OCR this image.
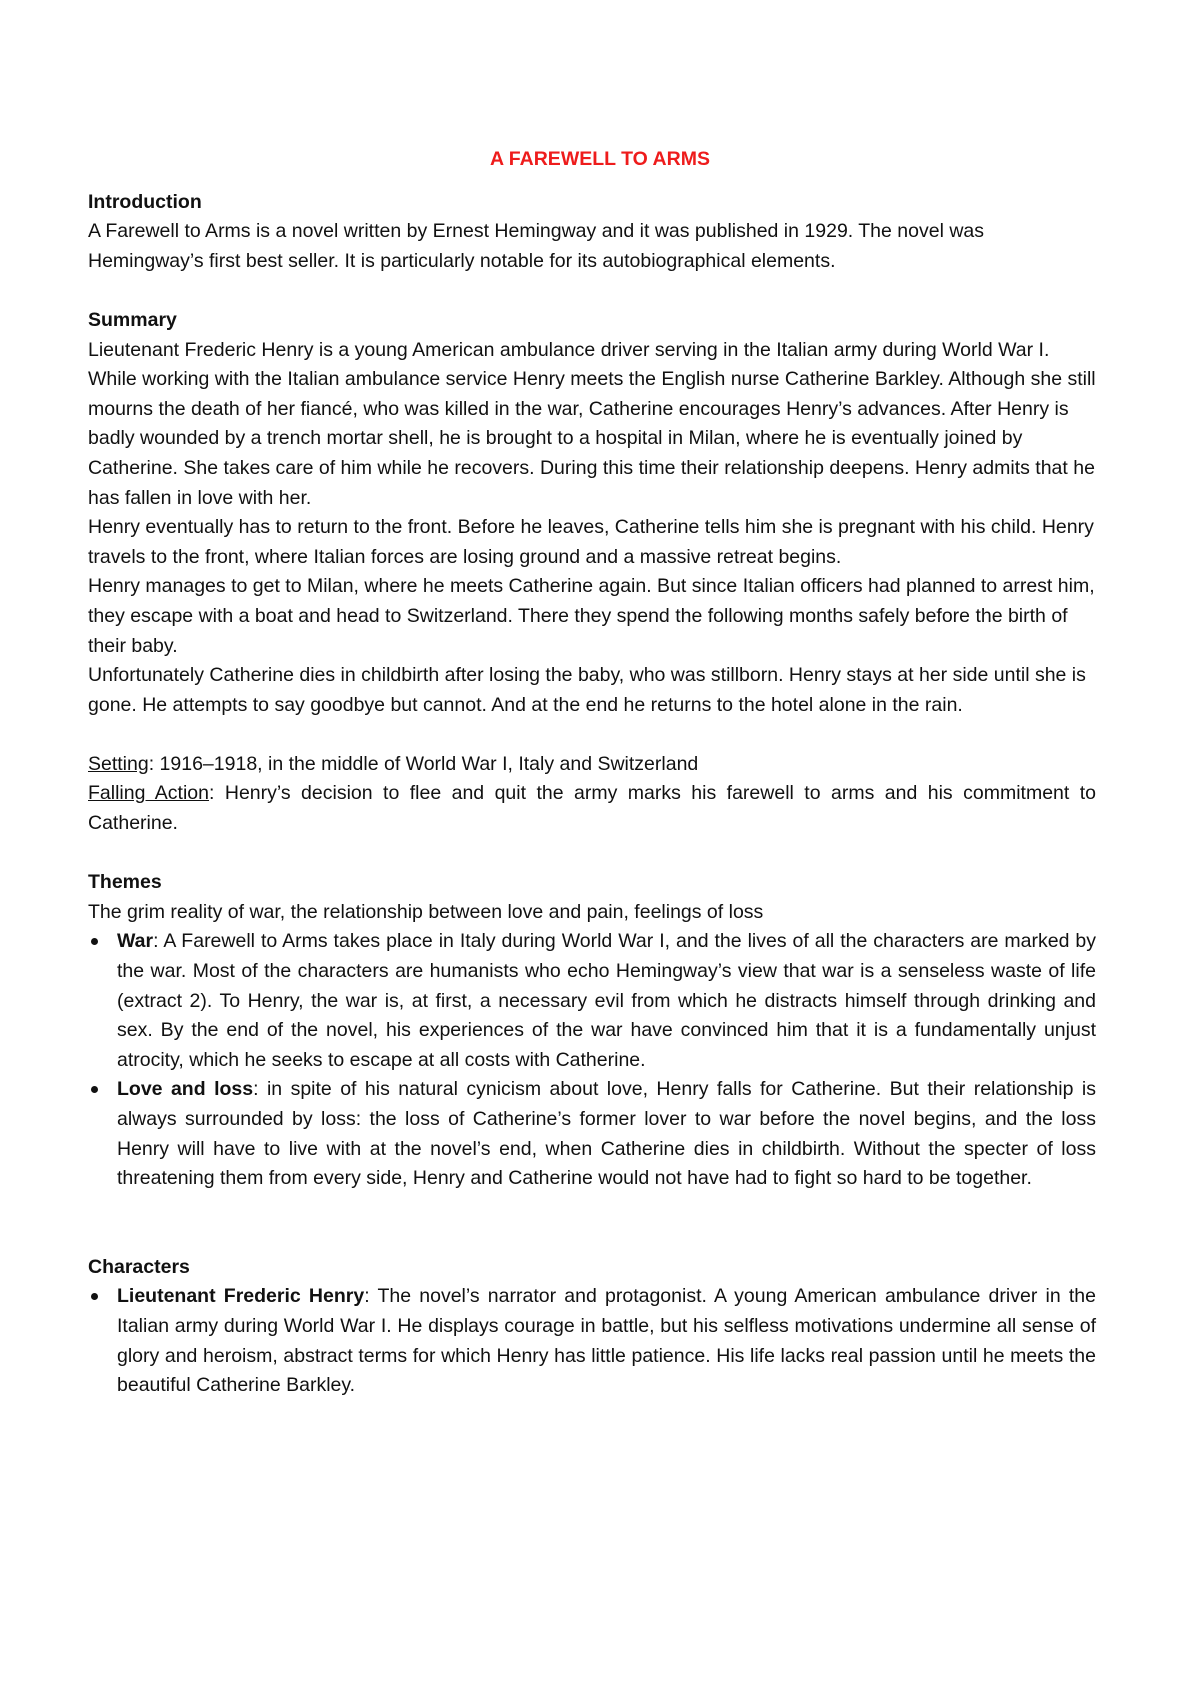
A FAREWELL TO ARMS

Introduction

A Farewell to Arms is a novel written by Ernest Hemingway and it was published in 1929. The novel was Hemingway’s first best seller. It is particularly notable for its autobiographical elements.

Summary

Lieutenant Frederic Henry is a young American ambulance driver serving in the Italian army during World War I.

While working with the Italian ambulance service Henry meets the English nurse Catherine Barkley. Although she still mourns the death of her fiancé, who was killed in the war, Catherine encourages Henry’s advances. After Henry is badly wounded by a trench mortar shell, he is brought to a hospital in Milan, where he is eventually joined by Catherine. She takes care of him while he recovers. During this time their relationship deepens. Henry admits that he has fallen in love with her.

Henry eventually has to return to the front. Before he leaves, Catherine tells him she is pregnant with his child. Henry travels to the front, where Italian forces are losing ground and a massive retreat begins.

Henry manages to get to Milan, where he meets Catherine again. But since Italian officers had planned to arrest him, they escape with a boat and head to Switzerland. There they spend the following months safely before the birth of their baby.

Unfortunately Catherine dies in childbirth after losing the baby, who was stillborn. Henry stays at her side until she is gone. He attempts to say goodbye but cannot. And at the end he returns to the hotel alone in the rain.

Setting: 1916–1918, in the middle of World War I, Italy and Switzerland

Falling Action: Henry’s decision to flee and quit the army marks his farewell to arms and his commitment to Catherine.

Themes

The grim reality of war, the relationship between love and pain, feelings of loss

War: A Farewell to Arms takes place in Italy during World War I, and the lives of all the characters are marked by the war. Most of the characters are humanists who echo Hemingway’s view that war is a senseless waste of life (extract 2). To Henry, the war is, at first, a necessary evil from which he distracts himself through drinking and sex. By the end of the novel, his experiences of the war have convinced him that it is a fundamentally unjust atrocity, which he seeks to escape at all costs with Catherine.
Love and loss: in spite of his natural cynicism about love, Henry falls for Catherine. But their relationship is always surrounded by loss: the loss of Catherine’s former lover to war before the novel begins, and the loss Henry will have to live with at the novel’s end, when Catherine dies in childbirth. Without the specter of loss threatening them from every side, Henry and Catherine would not have had to fight so hard to be together.

Characters

Lieutenant Frederic Henry: The novel’s narrator and protagonist. A young American ambulance driver in the Italian army during World War I. He displays courage in battle, but his selfless motivations undermine all sense of glory and heroism, abstract terms for which Henry has little patience. His life lacks real passion until he meets the beautiful Catherine Barkley.
